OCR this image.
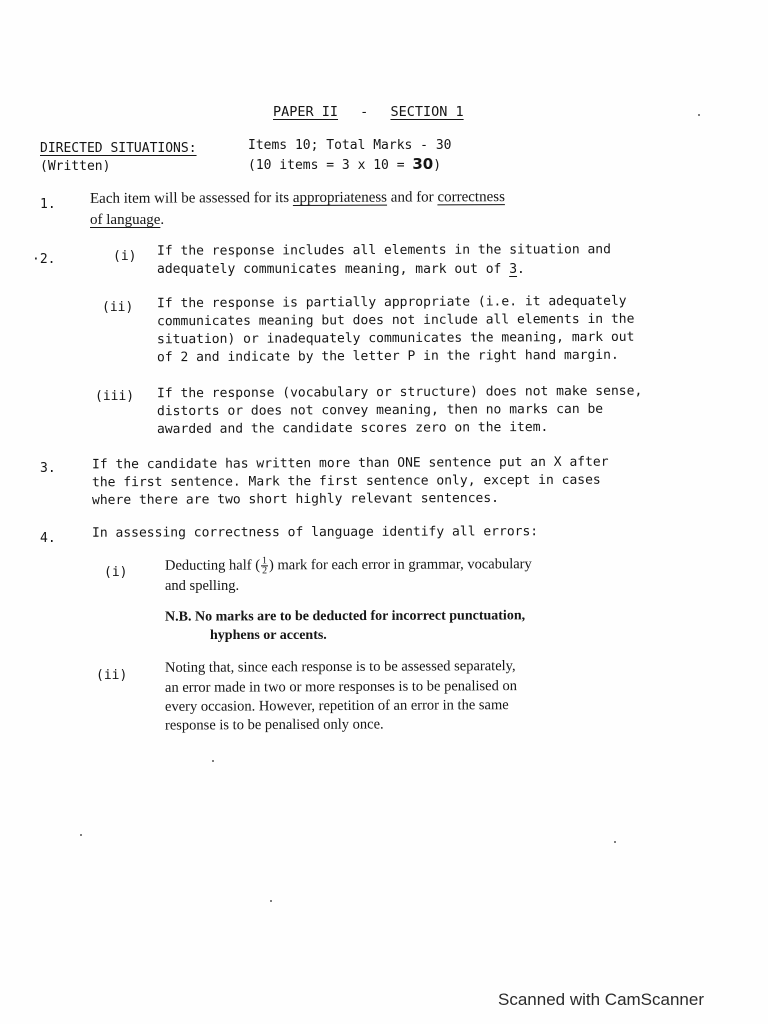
PAPER II - SECTION 1
DIRECTED SITUATIONS:
(Written)
Items 10; Total Marks - 30
(10 items = 3 x 10 = 30)
1. Each item will be assessed for its appropriateness and for correctness
of language.
·2.	(i) If the response includes all elements in the situation and
adequately communicates meaning, mark out of 3.
(ii) If the response is partially appropriate (i.e. it adequately
communicates meaning but does not include all elements in the
situation) or inadequately communicates the meaning, mark out
of 2 and indicate by the letter P in the right hand margin.
(iii) If the response (vocabulary or structure) does not make sense,
distorts or does not convey meaning, then no marks can be
awarded and the candidate scores zero on the item.
3.	If the candidate has written more than ONE sentence put an X after
the first sentence. Mark the first sentence only, except in cases
where there are two short highly relevant sentences.
4.	In assessing correctness of language identify all errors:
(i)	Deducting half ( $\frac{1}{2}$ ) mark for each error in grammar, vocabulary
and spelling.
N.B. No marks are to be deducted for incorrect punctuation,
hyphens or accents.
(ii)	Noting that, since each response is to be assessed separately,
an error made in two or more responses is to be penalised on
every occasion. However, repetition of an error in the same
response is to be penalised only once.
Scanned with CamScanner
